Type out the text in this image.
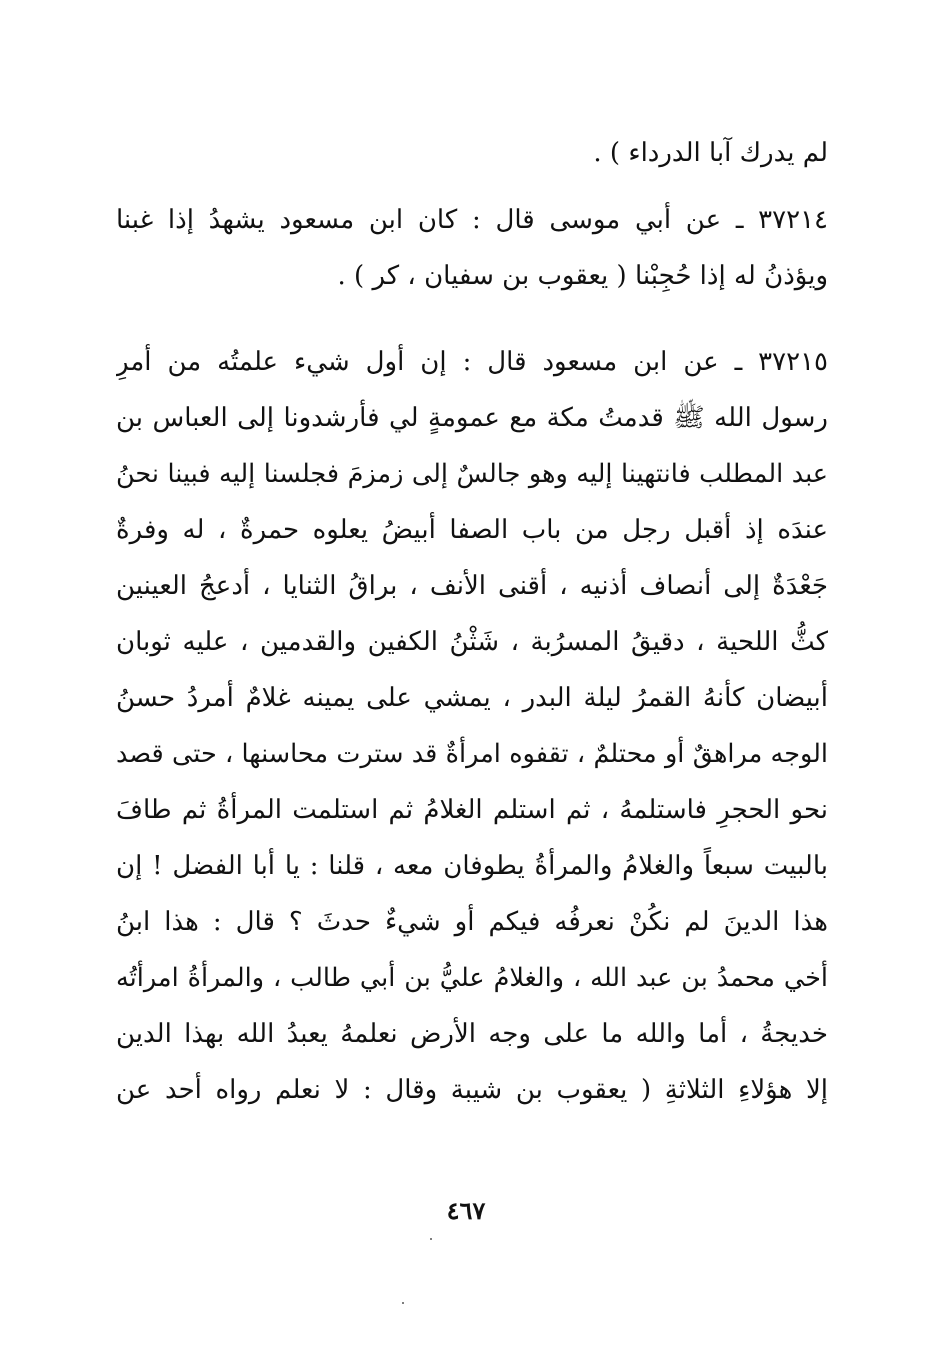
لم يدرك آبا الدرداء ) .
٣٧٢١٤ ـ عن أبي موسى قال : كان ابن مسعود يشهدُ إذا غبنا
ويؤذنُ له إذا حُجِبْنا ( يعقوب بن سفيان ، كر ) .
٣٧٢١٥ ـ عن ابن مسعود قال : إن أول شيء علمتُه من أمرِ
رسول الله ﷺ قدمتُ مكة مع عمومةٍ لي فأرشدونا إلى العباس بن
عبد المطلب فانتهينا إليه وهو جالسٌ إلى زمزمَ فجلسنا إليه فبينا نحنُ
عندَه إذ أقبل رجل من باب الصفا أبيضُ يعلوه حمرةٌ ، له وفرةٌ
جَعْدَةٌ إلى أنصاف أذنيه ، أقنى الأنف ، براقُ الثنايا ، أدعجُ العينين
كثُّ اللحية ، دقيقُ المسرُبة ، شَثْنُ الكفين والقدمين ، عليه ثوبان
أبيضان كأنهُ القمرُ ليلة البدر ، يمشي على يمينه غلامٌ أمردُ حسنُ
الوجه مراهقٌ أو محتلمٌ ، تقفوه امرأةٌ قد سترت محاسنها ، حتى قصد
نحو الحجرِ فاستلمهُ ، ثم استلم الغلامُ ثم استلمت المرأةُ ثم طافَ
بالبيت سبعاً والغلامُ والمرأةُ يطوفان معه ، قلنا : يا أبا الفضل ! إن
هذا الدينَ لم نكُنْ نعرفُه فيكم أو شيءٌ حدثَ ؟ قال : هذا ابنُ
أخي محمدُ بن عبد الله ، والغلامُ عليُّ بن أبي طالب ، والمرأةُ امرأتُه
خديجةُ ، أما والله ما على وجه الأرض نعلمهُ يعبدُ الله بهذا الدين
إلا هؤلاءِ الثلاثةِ ( يعقوب بن شيبة وقال : لا نعلم رواه أحد عن
٤٦٧
